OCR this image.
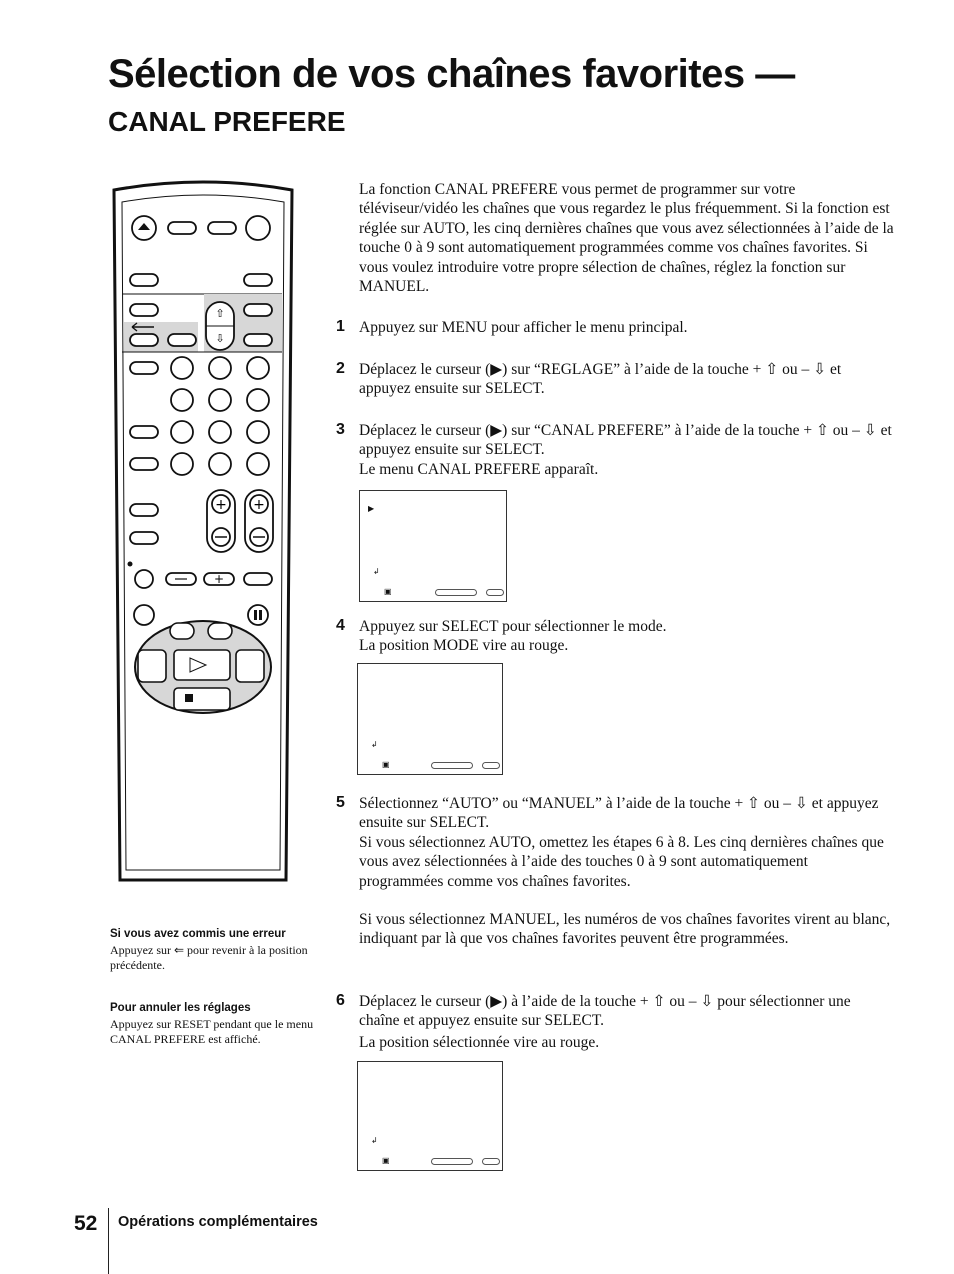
Sélection de vos chaînes favorites —
CANAL PREFERE
⇧
⇩
+ +
+
La fonction CANAL PREFERE vous permet de programmer sur votre téléviseur/vidéo les chaînes que vous regardez le plus fréquemment. Si la fonction est réglée sur AUTO, les cinq dernières chaînes que vous avez sélectionnées à l’aide de la touche 0 à 9 sont automatiquement programmées comme vos chaînes favorites. Si vous voulez introduire votre propre sélection de chaînes, réglez la fonction sur MANUEL.
1 Appuyez sur MENU pour afficher le menu principal.
2 Déplacez le curseur (▶) sur “REGLAGE” à l’aide de la touche + ⇧ ou – ⇩ et appuyez ensuite sur SELECT.
3 Déplacez le curseur (▶) sur “CANAL PREFERE” à l’aide de la touche + ⇧ ou – ⇩ et appuyez ensuite sur SELECT.
Le menu CANAL PREFERE apparaît.
▶
↲
▣
4 Appuyez sur SELECT pour sélectionner le mode.
La position MODE vire au rouge.
↲
▣
5 Sélectionnez “AUTO” ou “MANUEL” à l’aide de la touche + ⇧ ou – ⇩ et appuyez ensuite sur SELECT.
Si vous sélectionnez AUTO, omettez les étapes 6 à 8. Les cinq dernières chaînes que vous avez sélectionnées à l’aide des touches 0 à 9 sont automatiquement programmées comme vos chaînes favorites.
Si vous sélectionnez MANUEL, les numéros de vos chaînes favorites virent au blanc, indiquant par là que vos chaînes favorites peuvent être programmées.
6 Déplacez le curseur (▶) à l’aide de la touche + ⇧ ou – ⇩ pour sélectionner une chaîne et appuyez ensuite sur SELECT.
La position sélectionnée vire au rouge.
↲
▣
Si vous avez commis une erreur
Appuyez sur ⇐ pour revenir à la position précédente.
Pour annuler les réglages
Appuyez sur RESET pendant que le menu CANAL PREFERE est affiché.
52 Opérations complémentaires
